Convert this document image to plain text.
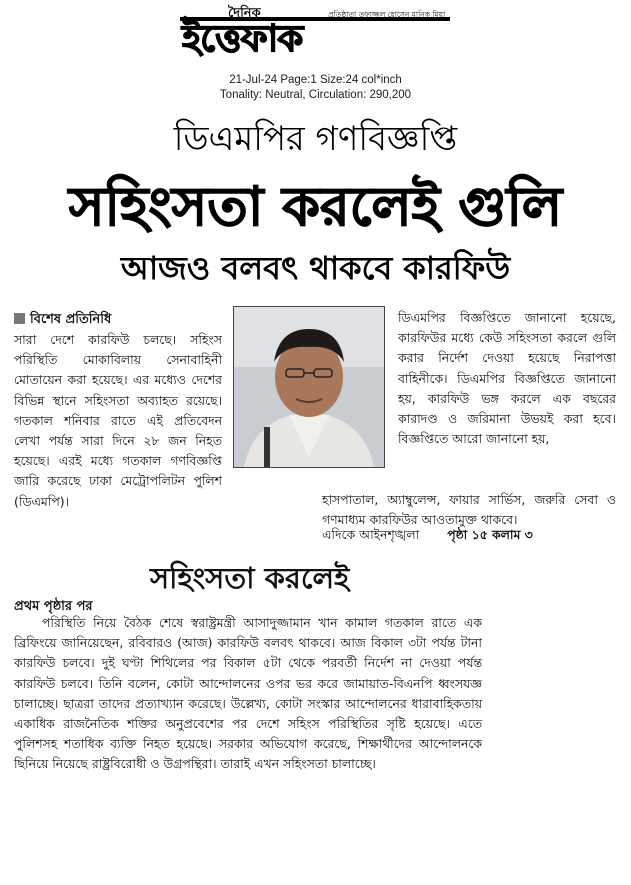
দৈনিক	প্রতিষ্ঠাতা তফাজ্জল হোসেন মানিক মিয়া
ইত্তেফাক
21-Jul-24 Page:1 Size:24 col*inch
Tonality: Neutral, Circulation: 290,200
ডিএমপির গণবিজ্ঞপ্তি
সহিংসতা করলেই গুলি
আজও বলবৎ থাকবে কারফিউ
বিশেষ প্রতিনিধি
সারা দেশে কারফিউ চলছে। সহিংস পরিস্থিতি মোকাবিলায় সেনাবাহিনী মোতায়েন করা হয়েছে। এর মধ্যেও দেশের বিভিন্ন স্থানে সহিংসতা অব্যাহত রয়েছে। গতকাল শনিবার রাতে এই প্রতিবেদন লেখা পর্যন্ত সারা দিনে ২৮ জন নিহত হয়েছে। এরই মধ্যে গতকাল গণবিজ্ঞপ্তি জারি করেছে ঢাকা মেট্রোপলিটন পুলিশ (ডিএমপি)।
ডিএমপির বিজ্ঞপ্তিতে জানানো হয়েছে, কারফিউর মধ্যে কেউ সহিংসতা করলে গুলি করার নির্দেশ দেওয়া হয়েছে নিরাপত্তা বাহিনীকে। ডিএমপির বিজ্ঞপ্তিতে জানানো হয়, কারফিউ ভঙ্গ করলে এক বছরের কারাদণ্ড ও জরিমানা উভয়ই করা হবে। বিজ্ঞপ্তিতে আরো জানানো হয়,
হাসপাতাল, অ্যাম্বুলেন্স, ফায়ার সার্ভিস, জরুরি সেবা ও গণমাধ্যম কারফিউর আওতামুক্ত থাকবে।
এদিকে আইনশৃঙ্খলা পৃষ্ঠা ১৫ কলাম ৩
সহিংসতা করলেই
প্রথম পৃষ্ঠার পর
পরিস্থিতি নিয়ে বৈঠক শেষে স্বরাষ্ট্রমন্ত্রী আসাদুজ্জামান খান কামাল গতকাল রাতে এক ব্রিফিংয়ে জানিয়েছেন, রবিবারও (আজ) কারফিউ বলবৎ থাকবে। আজ বিকাল ৩টা পর্যন্ত টানা কারফিউ চলবে। দুই ঘণ্টা শিথিলের পর বিকাল ৫টা থেকে পরবর্তী নির্দেশ না দেওয়া পর্যন্ত কারফিউ চলবে। তিনি বলেন, কোটা আন্দোলনের ওপর ভর করে জামায়াত-বিএনপি ধ্বংসযজ্ঞ চালাচ্ছে। ছাত্ররা তাদের প্রত্যাখ্যান করেছে। উল্লেখ্য, কোটা সংস্কার আন্দোলনের ধারাবাহিকতায় একাধিক রাজনৈতিক শক্তির অনুপ্রবেশের পর দেশে সহিংস পরিস্থিতির সৃষ্টি হয়েছে। এতে পুলিশসহ শতাধিক ব্যক্তি নিহত হয়েছে। সরকার অভিযোগ করেছে, শিক্ষার্থীদের আন্দোলনকে ছিনিয়ে নিয়েছে রাষ্ট্রবিরোধী ও উগ্রপন্থিরা। তারাই এখন সহিংসতা চালাচ্ছে।
